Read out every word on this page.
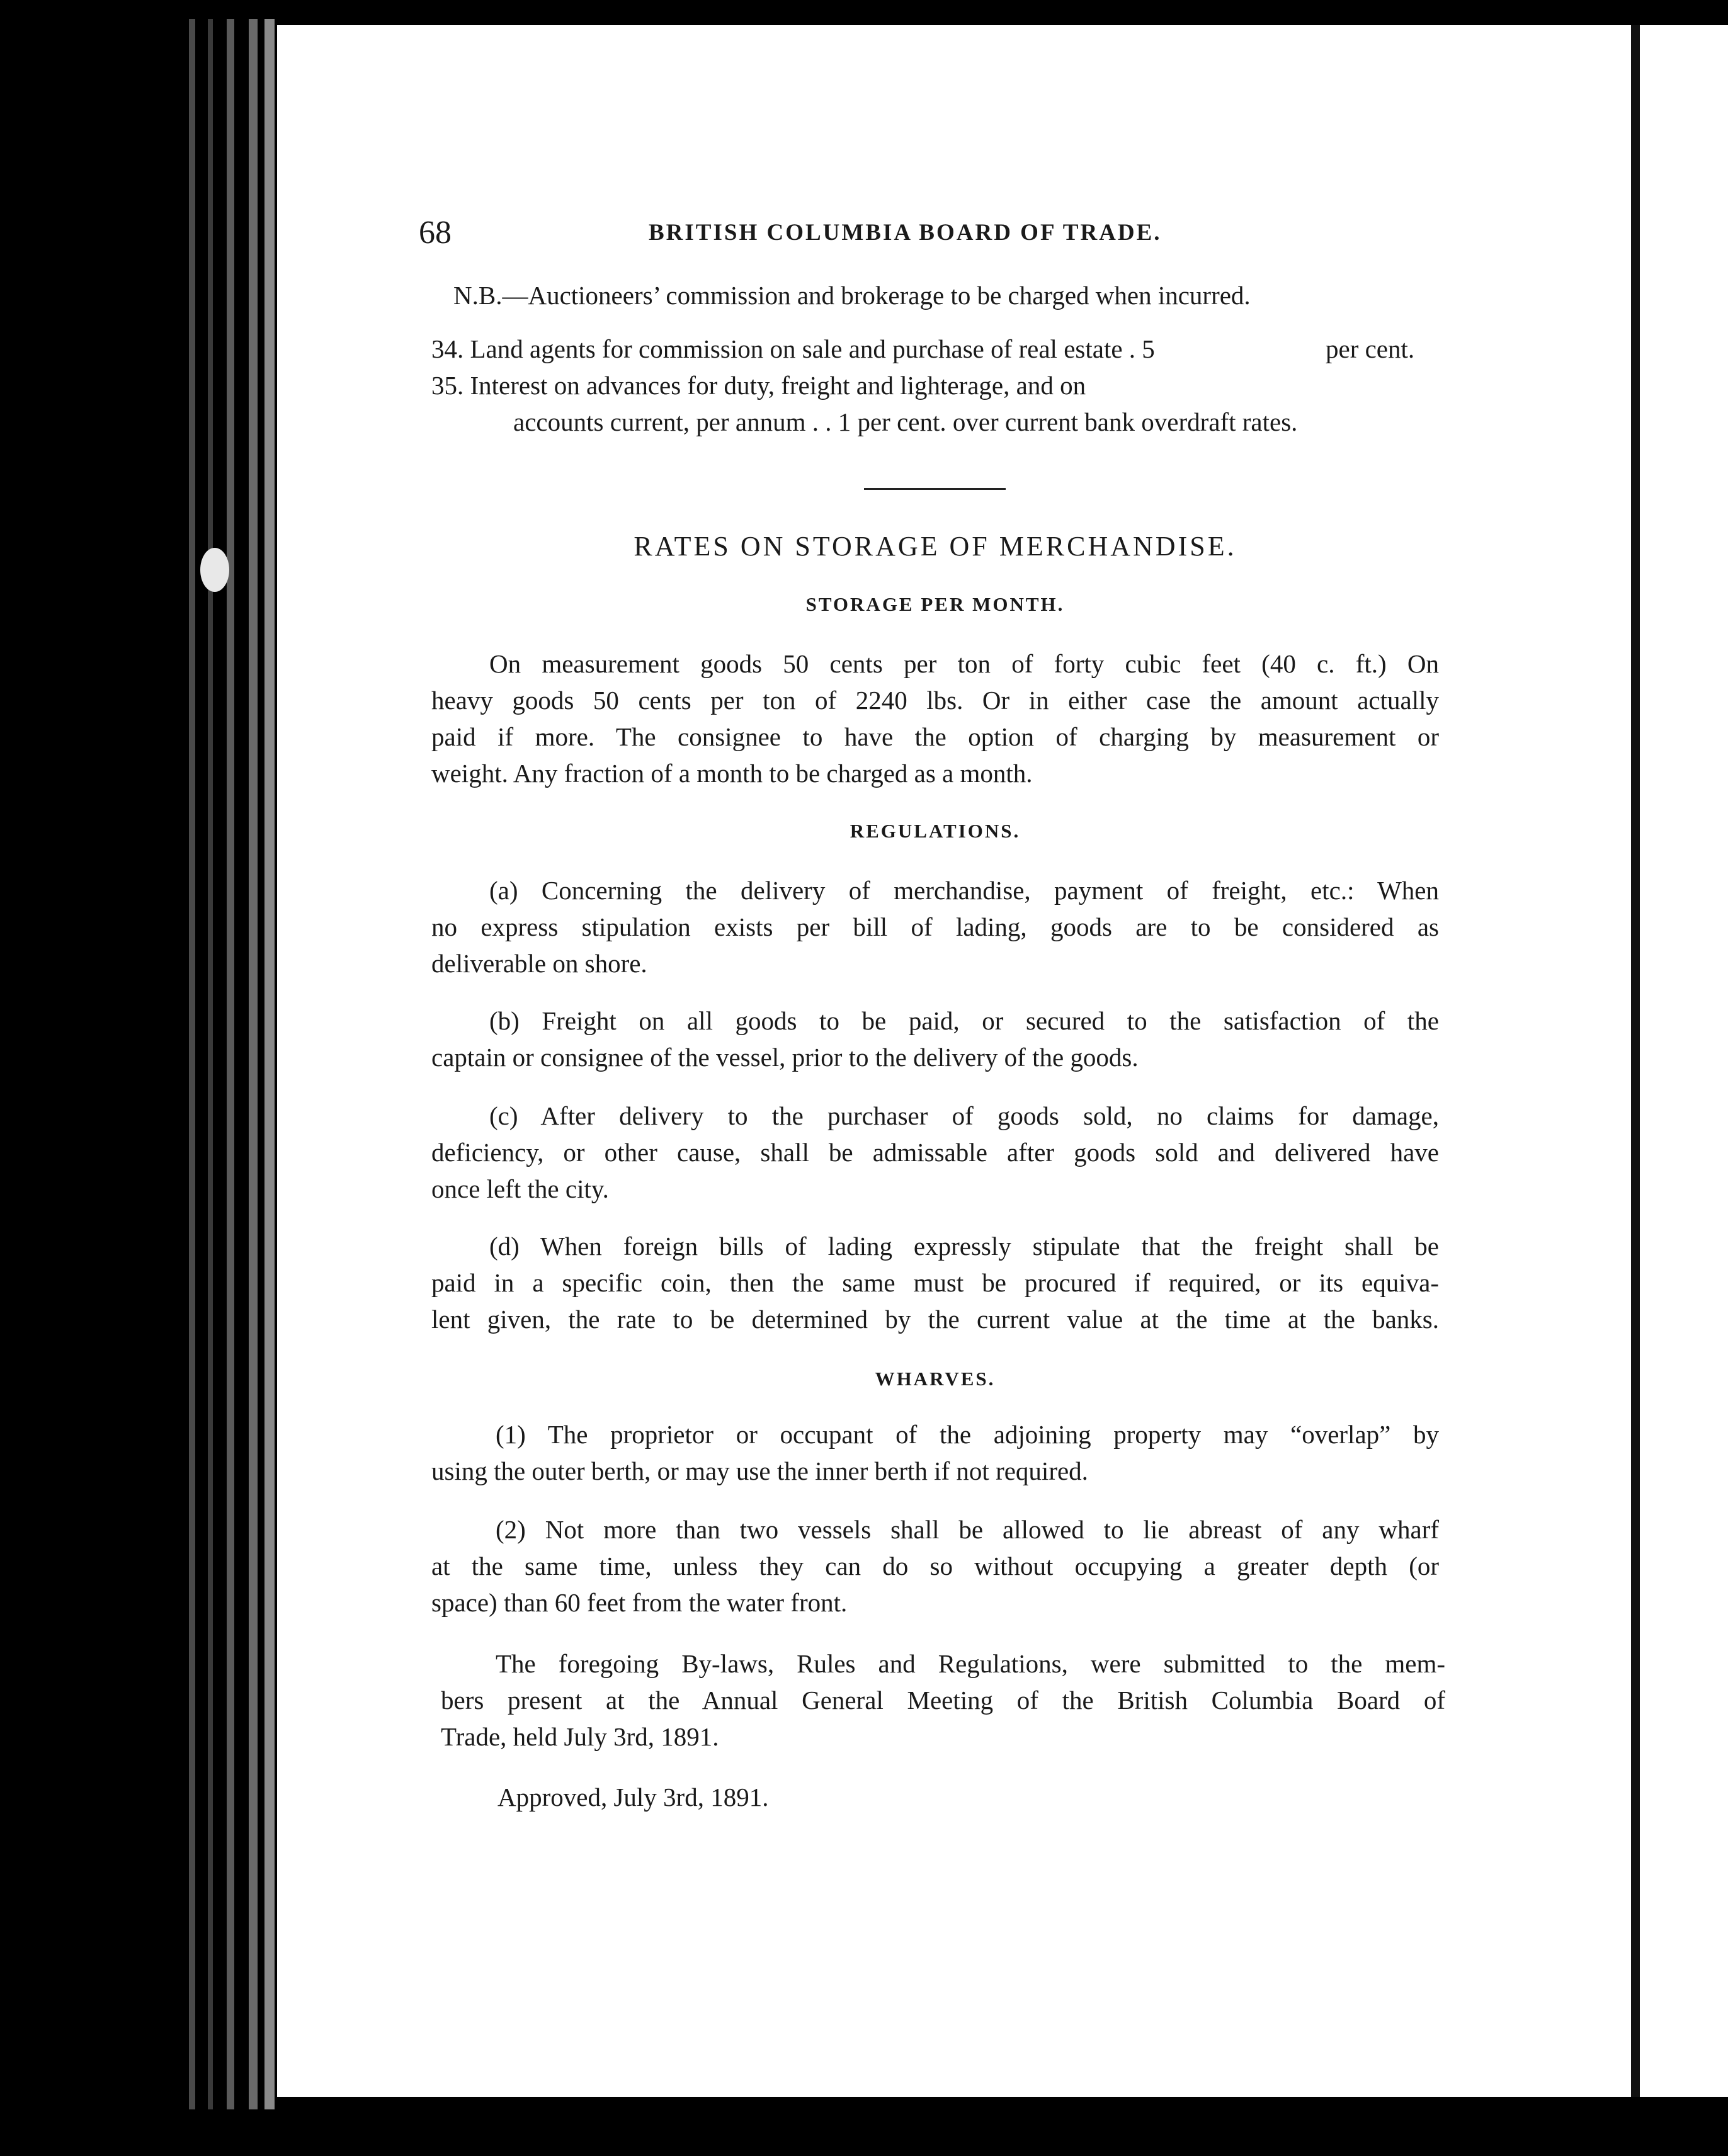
68	BRITISH COLUMBIA BOARD OF TRADE.
N.B.—Auctioneers’ commission and brokerage to be charged when incurred.
34. Land agents for commission on sale and purchase of real estate . 5	per cent.
35. Interest on advances for duty, freight and lighterage, and on
accounts current, per annum . . 1 per cent. over current bank overdraft rates.
RATES ON STORAGE OF MERCHANDISE.
STORAGE PER MONTH.
On measurement goods 50 cents per ton of forty cubic feet (40 c. ft.) On
heavy goods 50 cents per ton of 2240 lbs. Or in either case the amount actually
paid if more. The consignee to have the option of charging by measurement or
weight. Any fraction of a month to be charged as a month.
REGULATIONS.
(a) Concerning the delivery of merchandise, payment of freight, etc.: When
no express stipulation exists per bill of lading, goods are to be considered as
deliverable on shore.
(b) Freight on all goods to be paid, or secured to the satisfaction of the
captain or consignee of the vessel, prior to the delivery of the goods.
(c) After delivery to the purchaser of goods sold, no claims for damage,
deficiency, or other cause, shall be admissable after goods sold and delivered have
once left the city.
(d) When foreign bills of lading expressly stipulate that the freight shall be
paid in a specific coin, then the same must be procured if required, or its equiva-
lent given, the rate to be determined by the current value at the time at the banks.
WHARVES.
(1) The proprietor or occupant of the adjoining property may “overlap” by
using the outer berth, or may use the inner berth if not required.
(2) Not more than two vessels shall be allowed to lie abreast of any wharf
at the same time, unless they can do so without occupying a greater depth (or
space) than 60 feet from the water front.
The foregoing By-laws, Rules and Regulations, were submitted to the mem-
bers present at the Annual General Meeting of the British Columbia Board of
Trade, held July 3rd, 1891.
Approved, July 3rd, 1891.
